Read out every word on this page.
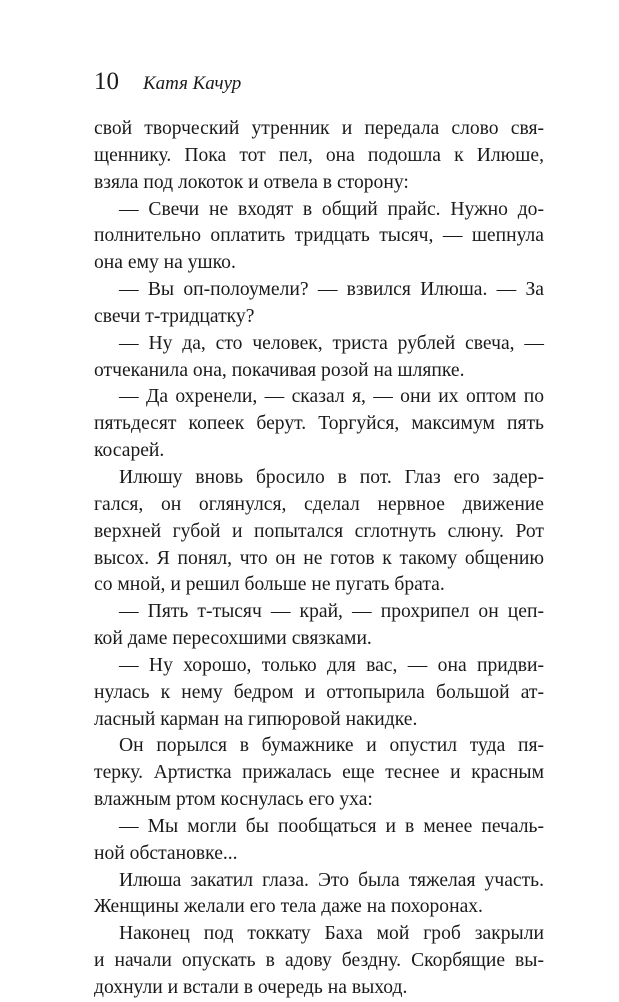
10 Катя Качур
свой творческий утренник и передала слово свя-
щеннику. Пока тот пел, она подошла к Илюше,
взяла под локоток и отвела в сторону:
— Свечи не входят в общий прайс. Нужно до-
полнительно оплатить тридцать тысяч, — шепнула
она ему на ушко.
— Вы оп-полоумели? — взвился Илюша. — За
свечи т-тридцатку?
— Ну да, сто человек, триста рублей свеча, —
отчеканила она, покачивая розой на шляпке.
— Да охренели, — сказал я, — они их оптом по
пятьдесят копеек берут. Торгуйся, максимум пять
косарей.
Илюшу вновь бросило в пот. Глаз его задер-
гался, он оглянулся, сделал нервное движение
верхней губой и попытался сглотнуть слюну. Рот
высох. Я понял, что он не готов к такому общению
со мной, и решил больше не пугать брата.
— Пять т-тысяч — край, — прохрипел он цеп-
кой даме пересохшими связками.
— Ну хорошо, только для вас, — она придви-
нулась к нему бедром и оттопырила большой ат-
ласный карман на гипюровой накидке.
Он порылся в бумажнике и опустил туда пя-
терку. Артистка прижалась еще теснее и красным
влажным ртом коснулась его уха:
— Мы могли бы пообщаться и в менее печаль-
ной обстановке...
Илюша закатил глаза. Это была тяжелая участь.
Женщины желали его тела даже на похоронах.
Наконец под токкату Баха мой гроб закрыли
и начали опускать в адову бездну. Скорбящие вы-
дохнули и встали в очередь на выход.
